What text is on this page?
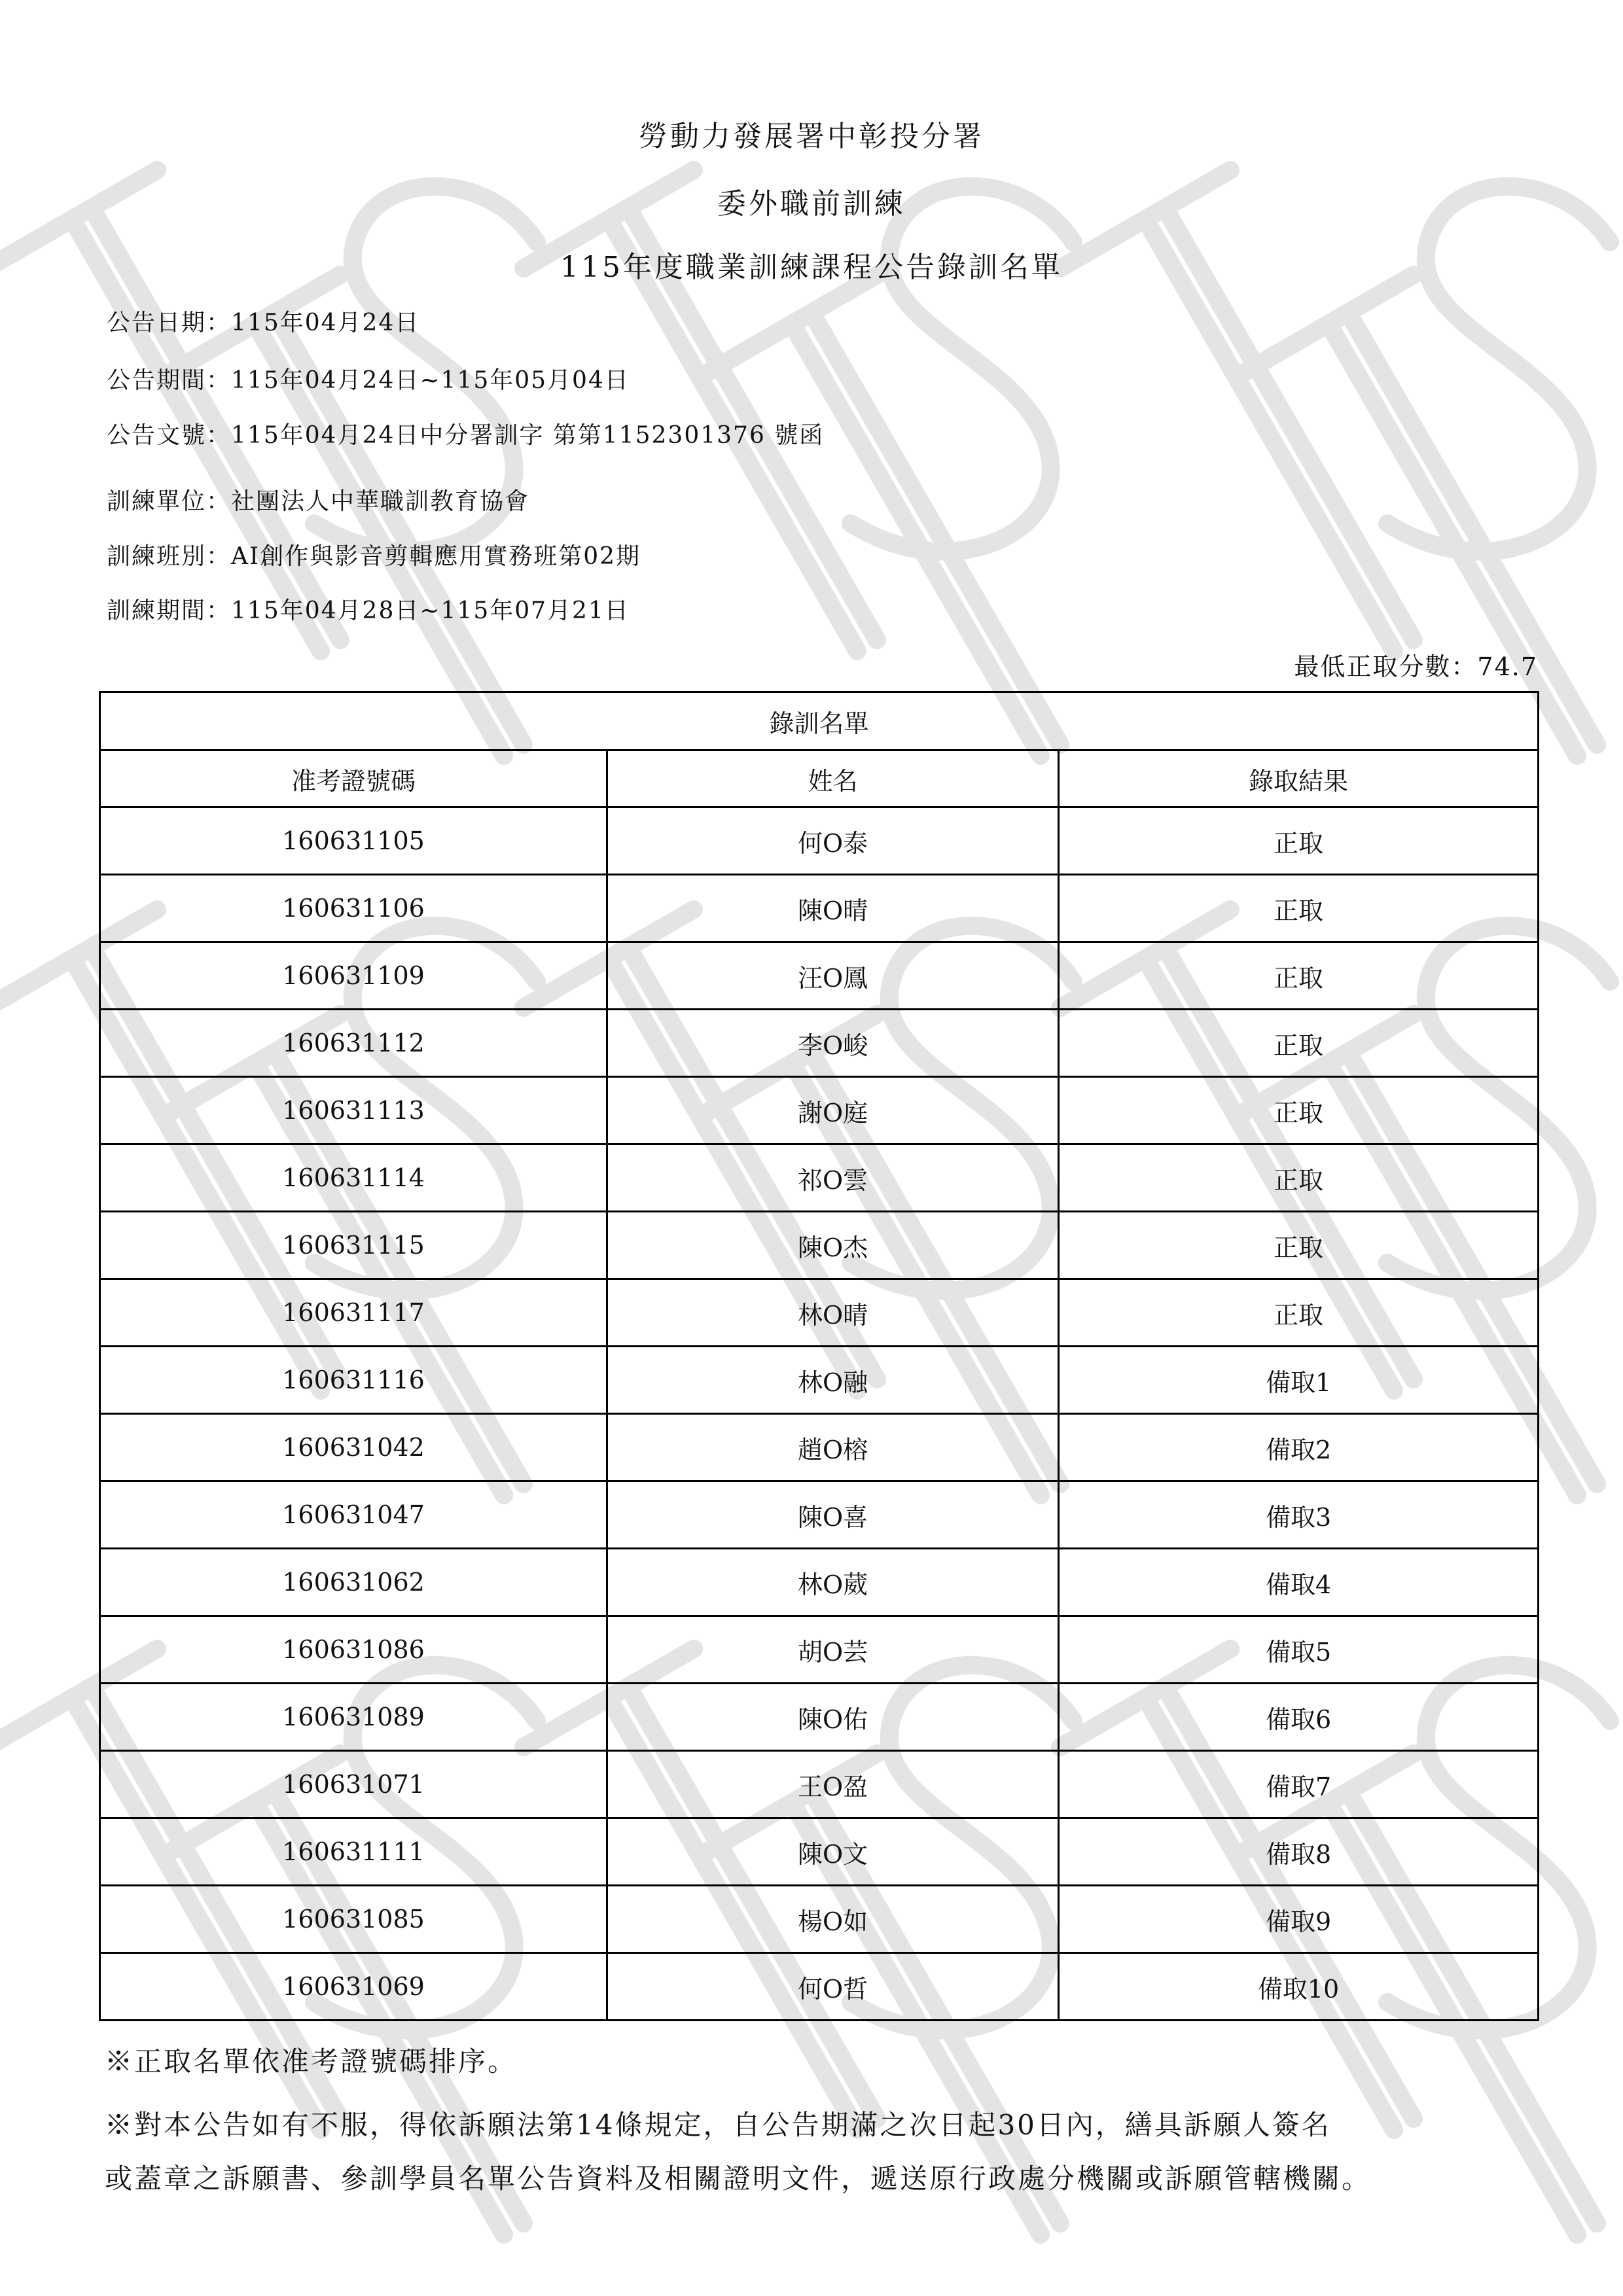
勞動力發展署中彰投分署
委外職前訓練
115年度職業訓練課程公告錄訓名單
公告日期 ： 115年04月24日
公告期間 ： 115年04月24日~115年05月04日
公告文號 ： 115年04月24日中分署訓字 第第1152301376 號函
訓練單位 ： 社團法人中華職訓教育協會
訓練班別 ： AI創作與影音剪輯應用實務班第02期
訓練期間 ： 115年04月28日~115年07月21日
最低正取分數 ： 74.7
錄訓名單		
准考證號碼	姓名	錄取結果
160631105	何O泰	正取
160631106	陳O晴	正取
160631109	汪O鳳	正取
160631112	李O峻	正取
160631113	謝O庭	正取
160631114	祁O雲	正取
160631115	陳O杰	正取
160631117	林O晴	正取
160631116	林O融	備取1
160631042	趙O榕	備取2
160631047	陳O喜	備取3
160631062	林O葳	備取4
160631086	胡O芸	備取5
160631089	陳O佑	備取6
160631071	王O盈	備取7
160631111	陳O文	備取8
160631085	楊O如	備取9
160631069	何O哲	備取10
※正取名單依准考證號碼排序。
※對本公告如有不服，得依訴願法第14條規定，自公告期滿之次日起30日內，繕具訴願人簽名
或蓋章之訴願書、參訓學員名單公告資料及相關證明文件，遞送原行政處分機關或訴願管轄機關。
